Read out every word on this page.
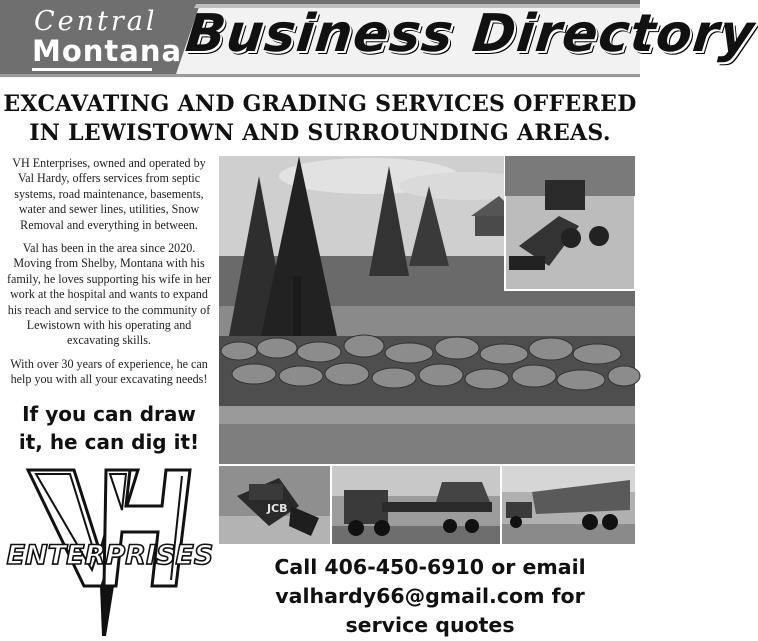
Central
Montana Business Directory
EXCAVATING AND GRADING SERVICES OFFERED
IN LEWISTOWN AND SURROUNDING AREAS.

VH Enterprises, owned and operated by Val Hardy, offers services from septic systems, road maintenance, basements, water and sewer lines, utilities, Snow Removal and everything in between.

Val has been in the area since 2020. Moving from Shelby, Montana with his family, he loves supporting his wife in her work at the hospital and wants to expand his reach and service to the community of Lewistown with his operating and excavating skills.

With over 30 years of experience, he can help you with all your excavating needs!

If you can draw
it, he can dig it!
ENTERPRISES
JCB
Call 406-450-6910 or email
valhardy66@gmail.com for
service quotes
